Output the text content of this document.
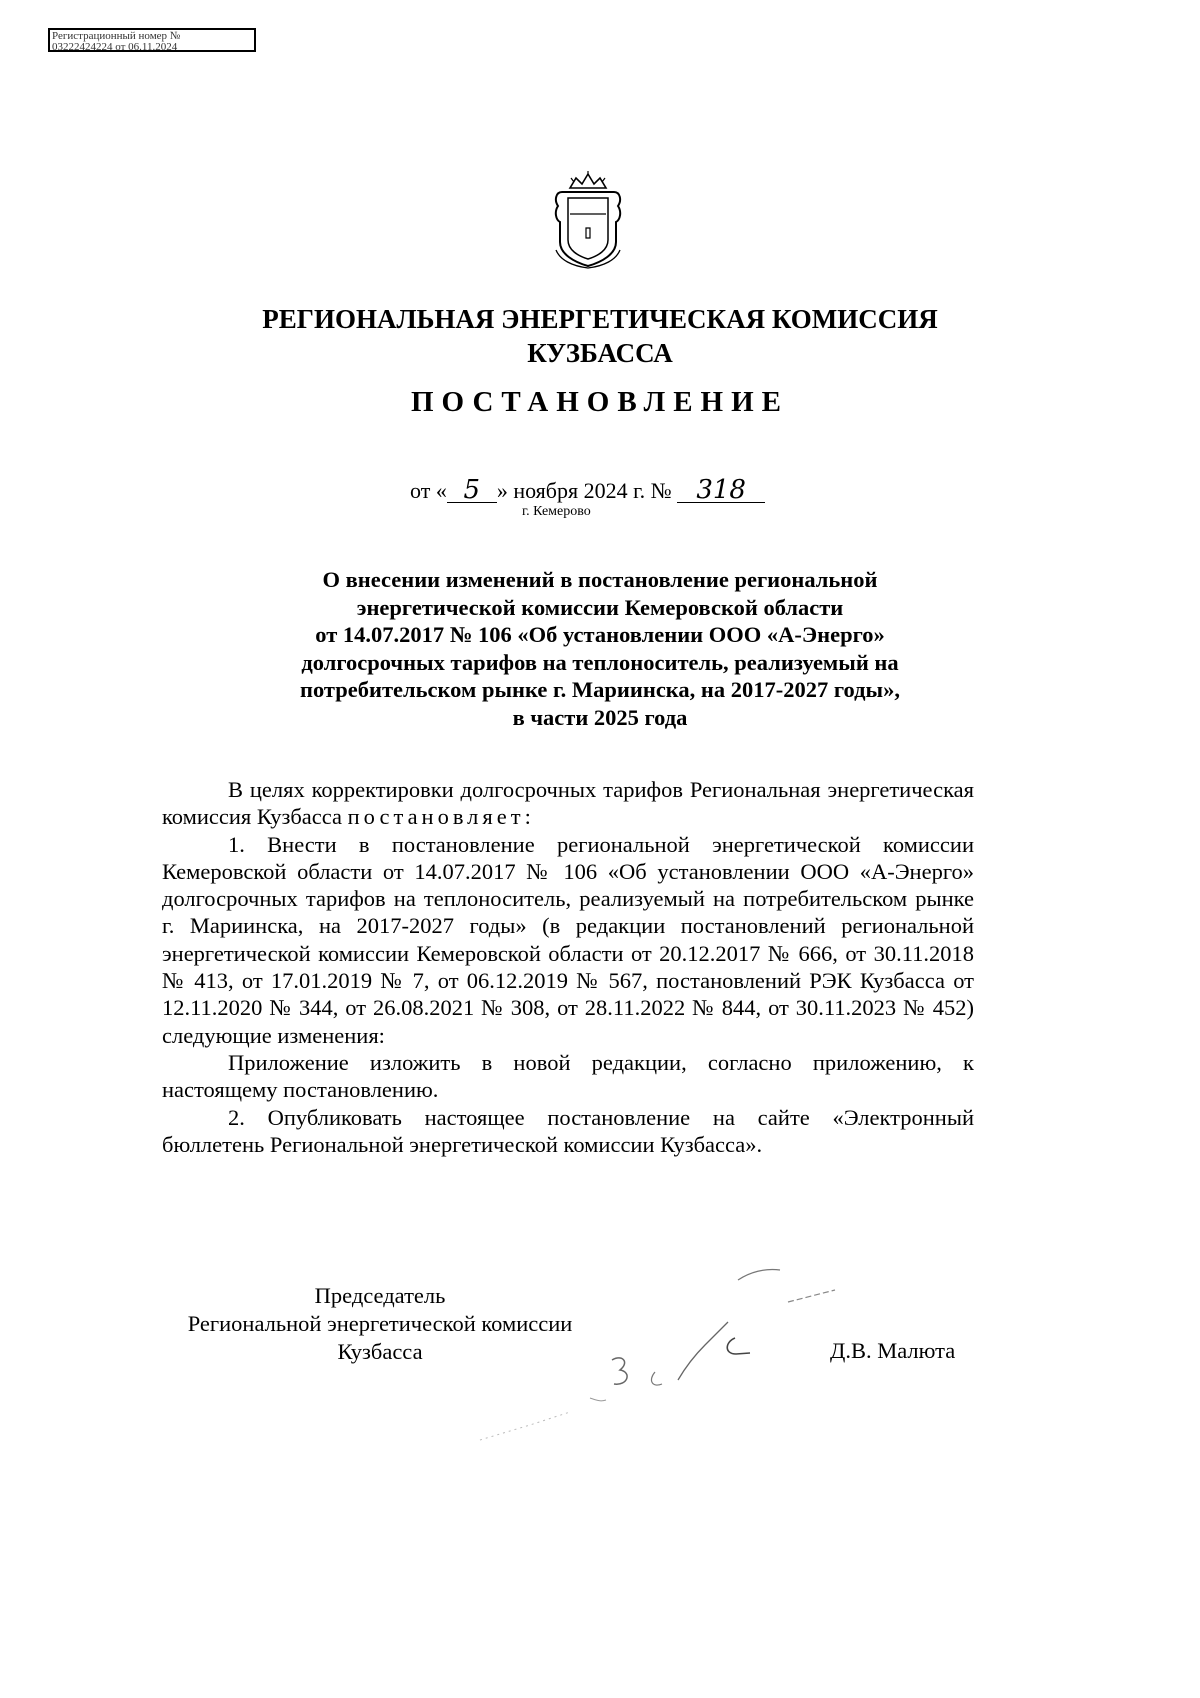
Регистрационный номер №
03222424224 от 06.11.2024
РЕГИОНАЛЬНАЯ ЭНЕРГЕТИЧЕСКАЯ КОМИССИЯ
КУЗБАССА
ПОСТАНОВЛЕНИЕ
от « 5 » ноября 2024 г. № 318
г. Кемерово
О внесении изменений в постановление региональной
энергетической комиссии Кемеровской области
от 14.07.2017 № 106 «Об установлении ООО «А-Энерго»
долгосрочных тарифов на теплоноситель, реализуемый на
потребительском рынке г. Мариинска, на 2017-2027 годы»,
в части 2025 года

В целях корректировки долгосрочных тарифов Региональная энергетическая комиссия Кузбасса постановляет:

1. Внести в постановление региональной энергетической комиссии Кемеровской области от 14.07.2017 № 106 «Об установлении ООО «А-Энерго» долгосрочных тарифов на теплоноситель, реализуемый на потребительском рынке г. Мариинска, на 2017-2027 годы» (в редакции постановлений региональной энергетической комиссии Кемеровской области от 20.12.2017 № 666, от 30.11.2018 № 413, от 17.01.2019 № 7, от 06.12.2019 № 567, постановлений РЭК Кузбасса от 12.11.2020 № 344, от 26.08.2021 № 308, от 28.11.2022 № 844, от 30.11.2023 № 452) следующие изменения:

Приложение изложить в новой редакции, согласно приложению, к настоящему постановлению.

2. Опубликовать настоящее постановление на сайте «Электронный бюллетень Региональной энергетической комиссии Кузбасса».

Председатель
Региональной энергетической комиссии
Кузбасса	Д.В. Малюта
